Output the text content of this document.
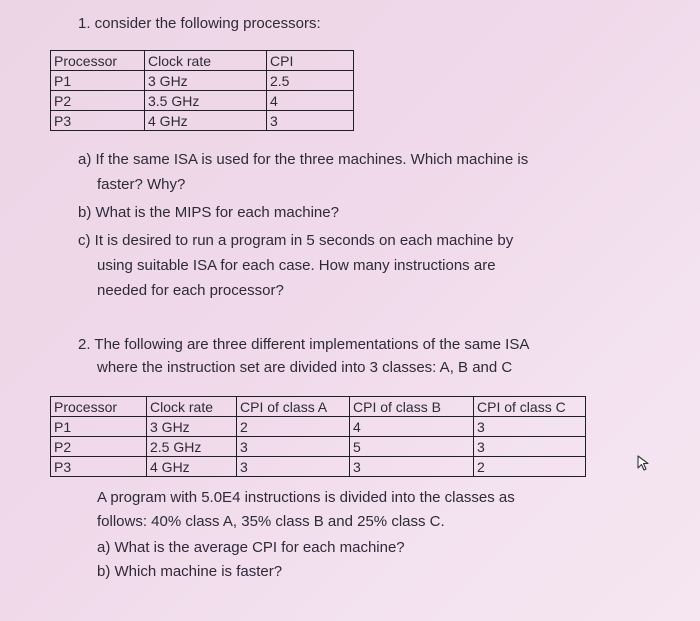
1. consider the following processors:
Processor	Clock rate	CPI
P1	3 GHz	2.5
P2	3.5 GHz	4
P3	4 GHz	3
a) If the same ISA is used for the three machines. Which machine is
faster? Why?
b) What is the MIPS for each machine?
c) It is desired to run a program in 5 seconds on each machine by
using suitable ISA for each case. How many instructions are
needed for each processor?
2. The following are three different implementations of the same ISA
where the instruction set are divided into 3 classes: A, B and C
Processor	Clock rate	CPI of class A	CPI of class B	CPI of class C
P1	3 GHz	2	4	3
P2	2.5 GHz	3	5	3
P3	4 GHz	3	3	2
A program with 5.0E4 instructions is divided into the classes as
follows: 40% class A, 35% class B and 25% class C.
a) What is the average CPI for each machine?
b) Which machine is faster?
